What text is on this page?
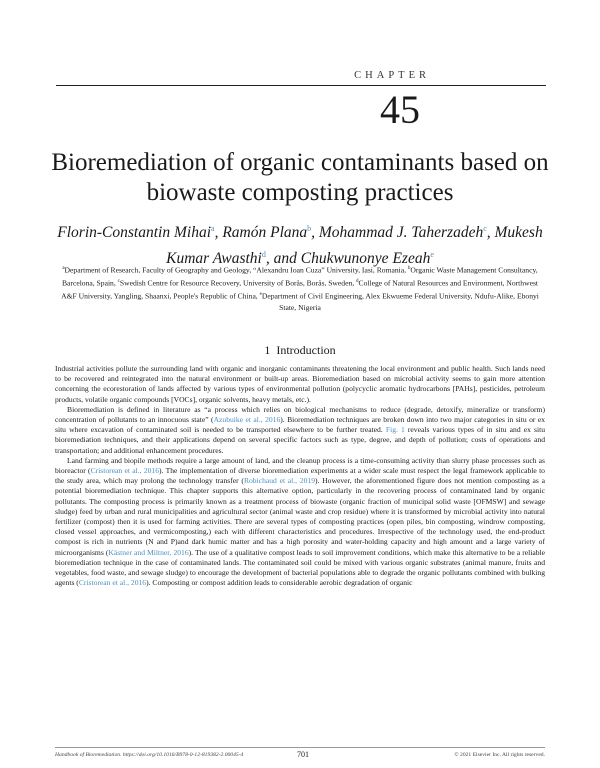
CHAPTER
45
Bioremediation of organic contaminants based on biowaste composting practices
Florin-Constantin Mihai$^a$, Ramón Plana$^b$, Mohammad J. Taherzadeh$^c$, Mukesh Kumar Awasthi$^d$, and Chukwunonye Ezeah$^e$
$^a$Department of Research, Faculty of Geography and Geology, “Alexandru Ioan Cuza” University, Iasi, Romania, $^b$Organic Waste Management Consultancy, Barcelona, Spain, $^c$Swedish Centre for Resource Recovery, University of Borås, Borås, Sweden, $^d$College of Natural Resources and Environment, Northwest A&F University, Yangling, Shaanxi, People's Republic of China, $^e$Department of Civil Engineering, Alex Ekwueme Federal University, Ndufu-Alike, Ebonyi State, Nigeria
1 Introduction

Industrial activities pollute the surrounding land with organic and inorganic contaminants threatening the local environment and public health. Such lands need to be recovered and reintegrated into the natural environment or built-up areas. Bioremediation based on microbial activity seems to gain more attention concerning the ecorestoration of lands affected by various types of environmental pollution (polycyclic aromatic hydrocarbons [PAHs], pesticides, petroleum products, volatile organic compounds [VOCs], organic solvents, heavy metals, etc.).

Bioremediation is defined in literature as “a process which relies on biological mechanisms to reduce (degrade, detoxify, mineralize or transform) concentration of pollutants to an innocuous state” (Azubuike et al., 2016). Bioremediation techniques are broken down into two major categories in situ or ex situ where excavation of contaminated soil is needed to be transported elsewhere to be further treated. Fig. 1 reveals various types of in situ and ex situ bioremediation techniques, and their applications depend on several specific factors such as type, degree, and depth of pollution; costs of operations and transportation; and additional enhancement procedures.

Land farming and biopile methods require a large amount of land, and the cleanup process is a time-consuming activity than slurry phase processes such as bioreactor (Cristorean et al., 2016). The implementation of diverse bioremediation experiments at a wider scale must respect the legal framework applicable to the study area, which may prolong the technology transfer (Robichaud et al., 2019). However, the aforementioned figure does not mention composting as a potential bioremediation technique. This chapter supports this alternative option, particularly in the recovering process of contaminated land by organic pollutants. The composting process is primarily known as a treatment process of biowaste (organic fraction of municipal solid waste [OFMSW] and sewage sludge) feed by urban and rural municipalities and agricultural sector (animal waste and crop residue) where it is transformed by microbial activity into natural fertilizer (compost) then it is used for farming activities. There are several types of composting practices (open piles, bin composting, windrow composting, closed vessel approaches, and vermicomposting,) each with different characteristics and procedures. Irrespective of the technology used, the end-product compost is rich in nutrients (N and P)and dark humic matter and has a high porosity and water-holding capacity and high amount and a large variety of microorganisms (Kästner and Miltner, 2016). The use of a qualitative compost leads to soil improvement conditions, which make this alternative to be a reliable bioremediation technique in the case of contaminated lands. The contaminated soil could be mixed with various organic substrates (animal manure, fruits and vegetables, food waste, and sewage sludge) to encourage the development of bacterial populations able to degrade the organic pollutants combined with bulking agents (Cristorean et al., 2016). Composting or compost addition leads to considerable aerobic degradation of organic

Handbook of Bioremediation. https://doi.org/10.1016/B978-0-12-819382-2.00045-4	701	© 2021 Elsevier Inc. All rights reserved.
